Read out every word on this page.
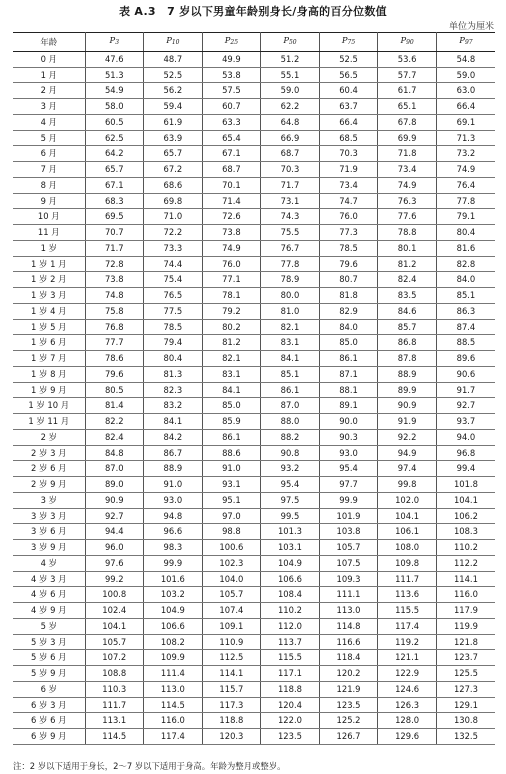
表 A.3　7 岁以下男童年龄别身长/身高的百分位数值
单位为厘米
年龄	$P_3$	$P_{10}$	$P_{25}$	$P_{50}$	$P_{75}$	$P_{90}$	$P_{97}$
0 月	47.6	48.7	49.9	51.2	52.5	53.6	54.8
1 月	51.3	52.5	53.8	55.1	56.5	57.7	59.0
2 月	54.9	56.2	57.5	59.0	60.4	61.7	63.0
3 月	58.0	59.4	60.7	62.2	63.7	65.1	66.4
4 月	60.5	61.9	63.3	64.8	66.4	67.8	69.1
5 月	62.5	63.9	65.4	66.9	68.5	69.9	71.3
6 月	64.2	65.7	67.1	68.7	70.3	71.8	73.2
7 月	65.7	67.2	68.7	70.3	71.9	73.4	74.9
8 月	67.1	68.6	70.1	71.7	73.4	74.9	76.4
9 月	68.3	69.8	71.4	73.1	74.7	76.3	77.8
10 月	69.5	71.0	72.6	74.3	76.0	77.6	79.1
11 月	70.7	72.2	73.8	75.5	77.3	78.8	80.4
1 岁	71.7	73.3	74.9	76.7	78.5	80.1	81.6
1 岁 1 月	72.8	74.4	76.0	77.8	79.6	81.2	82.8
1 岁 2 月	73.8	75.4	77.1	78.9	80.7	82.4	84.0
1 岁 3 月	74.8	76.5	78.1	80.0	81.8	83.5	85.1
1 岁 4 月	75.8	77.5	79.2	81.0	82.9	84.6	86.3
1 岁 5 月	76.8	78.5	80.2	82.1	84.0	85.7	87.4
1 岁 6 月	77.7	79.4	81.2	83.1	85.0	86.8	88.5
1 岁 7 月	78.6	80.4	82.1	84.1	86.1	87.8	89.6
1 岁 8 月	79.6	81.3	83.1	85.1	87.1	88.9	90.6
1 岁 9 月	80.5	82.3	84.1	86.1	88.1	89.9	91.7
1 岁 10 月	81.4	83.2	85.0	87.0	89.1	90.9	92.7
1 岁 11 月	82.2	84.1	85.9	88.0	90.0	91.9	93.7
2 岁	82.4	84.2	86.1	88.2	90.3	92.2	94.0
2 岁 3 月	84.8	86.7	88.6	90.8	93.0	94.9	96.8
2 岁 6 月	87.0	88.9	91.0	93.2	95.4	97.4	99.4
2 岁 9 月	89.0	91.0	93.1	95.4	97.7	99.8	101.8
3 岁	90.9	93.0	95.1	97.5	99.9	102.0	104.1
3 岁 3 月	92.7	94.8	97.0	99.5	101.9	104.1	106.2
3 岁 6 月	94.4	96.6	98.8	101.3	103.8	106.1	108.3
3 岁 9 月	96.0	98.3	100.6	103.1	105.7	108.0	110.2
4 岁	97.6	99.9	102.3	104.9	107.5	109.8	112.2
4 岁 3 月	99.2	101.6	104.0	106.6	109.3	111.7	114.1
4 岁 6 月	100.8	103.2	105.7	108.4	111.1	113.6	116.0
4 岁 9 月	102.4	104.9	107.4	110.2	113.0	115.5	117.9
5 岁	104.1	106.6	109.1	112.0	114.8	117.4	119.9
5 岁 3 月	105.7	108.2	110.9	113.7	116.6	119.2	121.8
5 岁 6 月	107.2	109.9	112.5	115.5	118.4	121.1	123.7
5 岁 9 月	108.8	111.4	114.1	117.1	120.2	122.9	125.5
6 岁	110.3	113.0	115.7	118.8	121.9	124.6	127.3
6 岁 3 月	111.7	114.5	117.3	120.4	123.5	126.3	129.1
6 岁 6 月	113.1	116.0	118.8	122.0	125.2	128.0	130.8
6 岁 9 月	114.5	117.4	120.3	123.5	126.7	129.6	132.5
注：2 岁以下适用于身长，2～7 岁以下适用于身高。年龄为整月或整岁。
